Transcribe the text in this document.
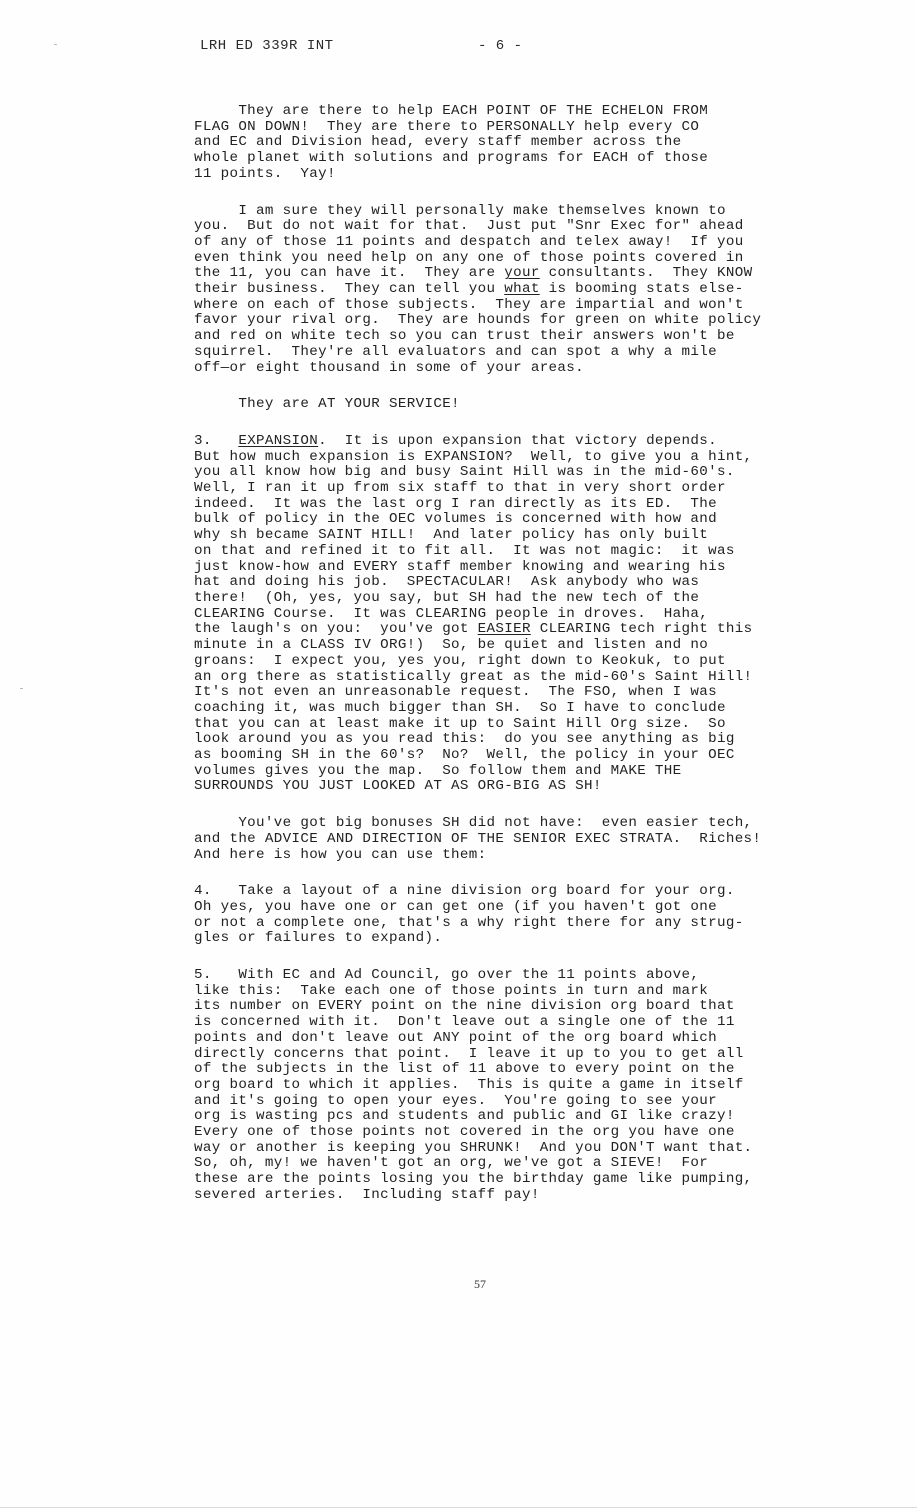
LRH ED 339R INT	- 6 -
They are there to help EACH POINT OF THE ECHELON FROM
FLAG ON DOWN!  They are there to PERSONALLY help every CO
and EC and Division head, every staff member across the
whole planet with solutions and programs for EACH of those
11 points.  Yay!
I am sure they will personally make themselves known to
you.  But do not wait for that.  Just put "Snr Exec for" ahead
of any of those 11 points and despatch and telex away!  If you
even think you need help on any one of those points covered in
the 11, you can have it.  They are your consultants.  They KNOW
their business.  They can tell you what is booming stats else-
where on each of those subjects.  They are impartial and won't
favor your rival org.  They are hounds for green on white policy
and red on white tech so you can trust their answers won't be
squirrel.  They're all evaluators and can spot a why a mile
off—or eight thousand in some of your areas.
They are AT YOUR SERVICE!
3.   EXPANSION.  It is upon expansion that victory depends.
But how much expansion is EXPANSION?  Well, to give you a hint,
you all know how big and busy Saint Hill was in the mid-60's.
Well, I ran it up from six staff to that in very short order
indeed.  It was the last org I ran directly as its ED.  The
bulk of policy in the OEC volumes is concerned with how and
why sh became SAINT HILL!  And later policy has only built
on that and refined it to fit all.  It was not magic:  it was
just know-how and EVERY staff member knowing and wearing his
hat and doing his job.  SPECTACULAR!  Ask anybody who was
there!  (Oh, yes, you say, but SH had the new tech of the
CLEARING Course.  It was CLEARING people in droves.  Haha,
the laugh's on you:  you've got EASIER CLEARING tech right this
minute in a CLASS IV ORG!)  So, be quiet and listen and no
groans:  I expect you, yes you, right down to Keokuk, to put
an org there as statistically great as the mid-60's Saint Hill!
It's not even an unreasonable request.  The FSO, when I was
coaching it, was much bigger than SH.  So I have to conclude
that you can at least make it up to Saint Hill Org size.  So
look around you as you read this:  do you see anything as big
as booming SH in the 60's?  No?  Well, the policy in your OEC
volumes gives you the map.  So follow them and MAKE THE
SURROUNDS YOU JUST LOOKED AT AS ORG-BIG AS SH!
You've got big bonuses SH did not have:  even easier tech,
and the ADVICE AND DIRECTION OF THE SENIOR EXEC STRATA.  Riches!
And here is how you can use them:
4.   Take a layout of a nine division org board for your org.
Oh yes, you have one or can get one (if you haven't got one
or not a complete one, that's a why right there for any strug-
gles or failures to expand).
5.   With EC and Ad Council, go over the 11 points above,
like this:  Take each one of those points in turn and mark
its number on EVERY point on the nine division org board that
is concerned with it.  Don't leave out a single one of the 11
points and don't leave out ANY point of the org board which
directly concerns that point.  I leave it up to you to get all
of the subjects in the list of 11 above to every point on the
org board to which it applies.  This is quite a game in itself
and it's going to open your eyes.  You're going to see your
org is wasting pcs and students and public and GI like crazy!
Every one of those points not covered in the org you have one
way or another is keeping you SHRUNK!  And you DON'T want that.
So, oh, my! we haven't got an org, we've got a SIEVE!  For
these are the points losing you the birthday game like pumping,
severed arteries.  Including staff pay!
57
